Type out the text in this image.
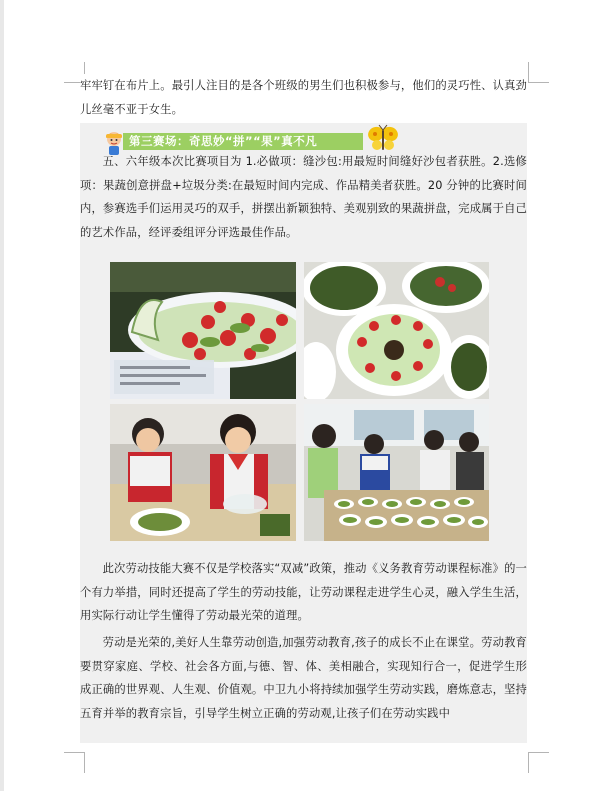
牢牢钉在布片上。最引人注目的是各个班级的男生们也积极参与，他们的灵巧性、认真劲儿丝毫不亚于女生。

第三赛场：奇思妙“拼”“果”真不凡

五、六年级本次比赛项目为 1.必做项：缝沙包:用最短时间缝好沙包者获胜。2.选修项：果蔬创意拼盘+垃圾分类:在最短时间内完成、作品精美者获胜。20 分钟的比赛时间内，参赛选手们运用灵巧的双手，拼摆出新颖独特、美观别致的果蔬拼盘，完成属于自己的艺术作品，经评委组评分评选最佳作品。

此次劳动技能大赛不仅是学校落实“双减”政策，推动《义务教育劳动课程标准》的一个有力举措，同时还提高了学生的劳动技能，让劳动课程走进学生心灵，融入学生生活，用实际行动让学生懂得了劳动最光荣的道理。

劳动是光荣的,美好人生靠劳动创造,加强劳动教育,孩子的成长不止在课堂。劳动教育要贯穿家庭、学校、社会各方面,与德、智、体、美相融合，实现知行合一，促进学生形成正确的世界观、人生观、价值观。中卫九小将持续加强学生劳动实践，磨炼意志，坚持五育并举的教育宗旨，引导学生树立正确的劳动观,让孩子们在劳动实践中
